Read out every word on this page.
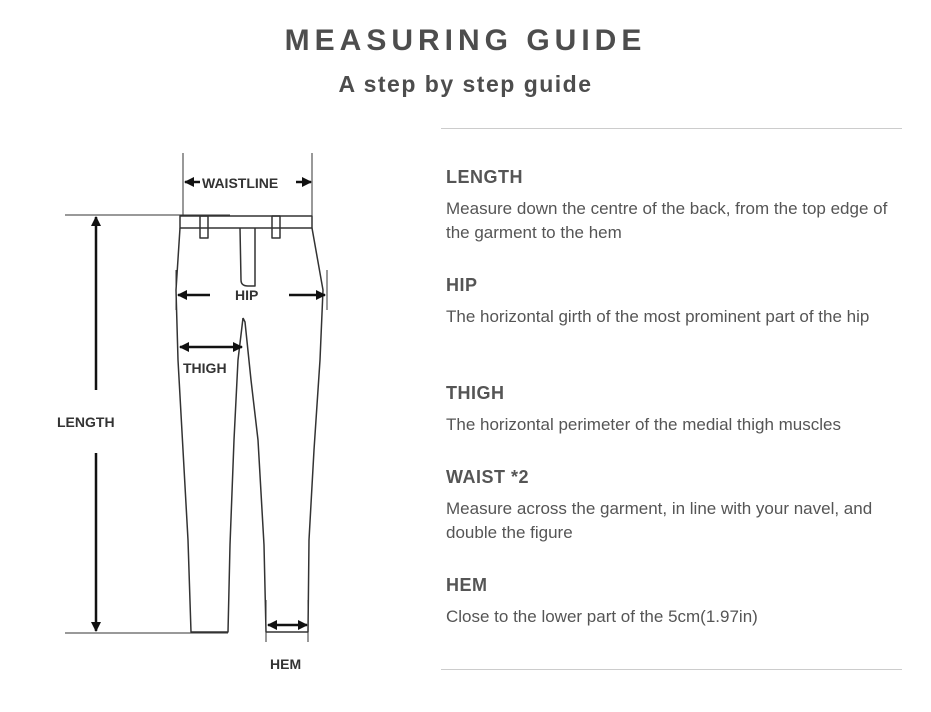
MEASURING GUIDE
A step by step guide
WAISTLINE
HIP
THIGH
LENGTH
HEM

LENGTH

Measure down the centre of the back, from the top edge of the garment to the hem

HIP

The horizontal girth of the most prominent part of the hip

THIGH

The horizontal perimeter of the medial thigh muscles

WAIST *2

Measure across the garment, in line with your navel, and double the figure

HEM

Close to the lower part of the 5cm(1.97in)
